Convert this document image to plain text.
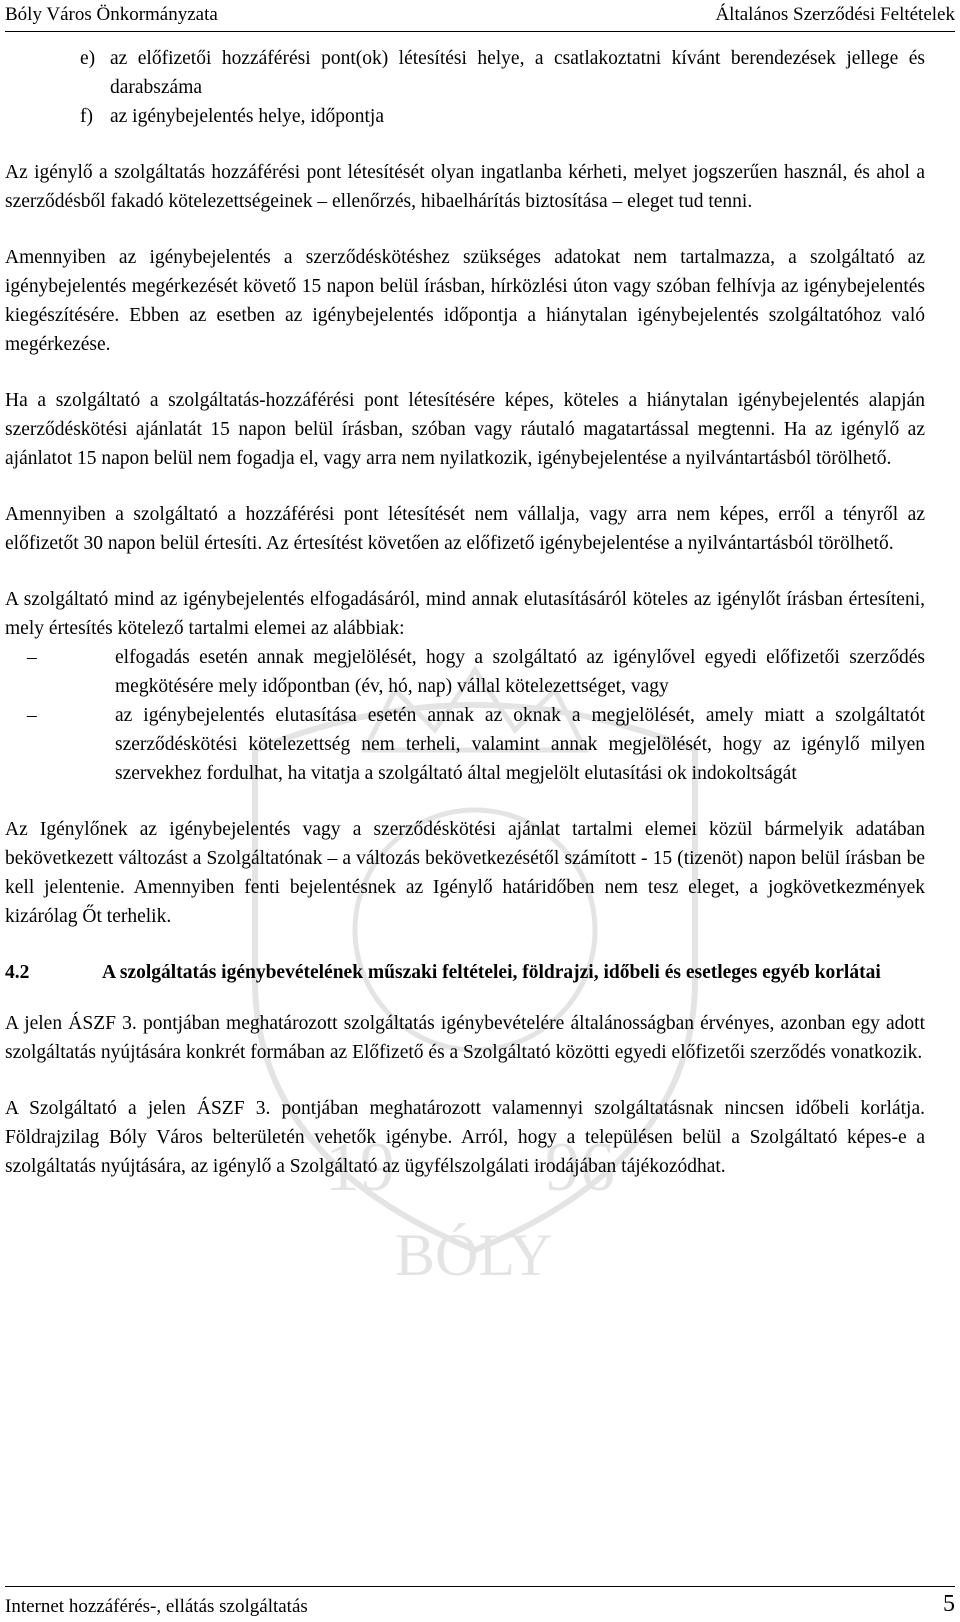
Bóly Város Önkormányzata	Általános Szerződési Feltételek
19 96
BÓLY
e) az előfizetői hozzáférési pont(ok) létesítési helye, a csatlakoztatni kívánt berendezések jellege és darabszáma
f) az igénybejelentés helye, időpontja

Az igénylő a szolgáltatás hozzáférési pont létesítését olyan ingatlanba kérheti, melyet jogszerűen használ, és ahol a szerződésből fakadó kötelezettségeinek – ellenőrzés, hibaelhárítás biztosítása – eleget tud tenni.

Amennyiben az igénybejelentés a szerződéskötéshez szükséges adatokat nem tartalmazza, a szolgáltató az igénybejelentés megérkezését követő 15 napon belül írásban, hírközlési úton vagy szóban felhívja az igénybejelentés kiegészítésére. Ebben az esetben az igénybejelentés időpontja a hiánytalan igénybejelentés szolgáltatóhoz való megérkezése.

Ha a szolgáltató a szolgáltatás-hozzáférési pont létesítésére képes, köteles a hiánytalan igénybejelentés alapján szerződéskötési ajánlatát 15 napon belül írásban, szóban vagy ráutaló magatartással megtenni. Ha az igénylő az ajánlatot 15 napon belül nem fogadja el, vagy arra nem nyilatkozik, igénybejelentése a nyilvántartásból törölhető.

Amennyiben a szolgáltató a hozzáférési pont létesítését nem vállalja, vagy arra nem képes, erről a tényről az előfizetőt 30 napon belül értesíti. Az értesítést követően az előfizető igénybejelentése a nyilvántartásból törölhető.

A szolgáltató mind az igénybejelentés elfogadásáról, mind annak elutasításáról köteles az igénylőt írásban értesíteni, mely értesítés kötelező tartalmi elemei az alábbiak:
–	elfogadás esetén annak megjelölését, hogy a szolgáltató az igénylővel egyedi előfizetői szerződés megkötésére mely időpontban (év, hó, nap) vállal kötelezettséget, vagy
–	az igénybejelentés elutasítása esetén annak az oknak a megjelölését, amely miatt a szolgáltatót szerződéskötési kötelezettség nem terheli, valamint annak megjelölését, hogy az igénylő milyen szervekhez fordulhat, ha vitatja a szolgáltató által megjelölt elutasítási ok indokoltságát

Az Igénylőnek az igénybejelentés vagy a szerződéskötési ajánlat tartalmi elemei közül bármelyik adatában bekövetkezett változást a Szolgáltatónak – a változás bekövetkezésétől számított - 15 (tizenöt) napon belül írásban be kell jelentenie. Amennyiben fenti bejelentésnek az Igénylő határidőben nem tesz eleget, a jogkövetkezmények kizárólag Őt terhelik.

4.2	A szolgáltatás igénybevételének műszaki feltételei, földrajzi, időbeli és esetleges egyéb korlátai

A jelen ÁSZF 3. pontjában meghatározott szolgáltatás igénybevételére általánosságban érvényes, azonban egy adott szolgáltatás nyújtására konkrét formában az Előfizető és a Szolgáltató közötti egyedi előfizetői szerződés vonatkozik.

A Szolgáltató a jelen ÁSZF 3. pontjában meghatározott valamennyi szolgáltatásnak nincsen időbeli korlátja. Földrajzilag Bóly Város belterületén vehetők igénybe. Arról, hogy a településen belül a Szolgáltató képes-e a szolgáltatás nyújtására, az igénylő a Szolgáltató az ügyfélszolgálati irodájában tájékozódhat.

Internet hozzáférés-, ellátás szolgáltatás	5
